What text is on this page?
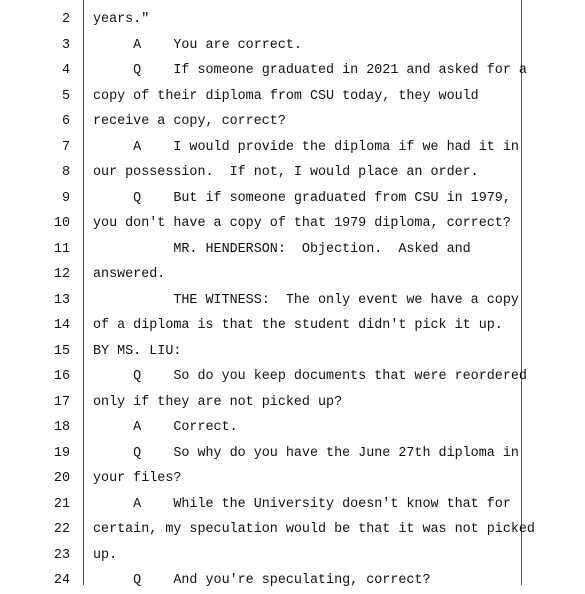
2 years."
3 A    You are correct.
4 Q    If someone graduated in 2021 and asked for a
5 copy of their diploma from CSU today, they would
6 receive a copy, correct?
7 A    I would provide the diploma if we had it in
8 our possession.  If not, I would place an order.
9 Q    But if someone graduated from CSU in 1979,
10 you don't have a copy of that 1979 diploma, correct?
11 MR. HENDERSON:  Objection.  Asked and
12 answered.
13 THE WITNESS:  The only event we have a copy
14 of a diploma is that the student didn't pick it up.
15 BY MS. LIU:
16 Q    So do you keep documents that were reordered
17 only if they are not picked up?
18 A    Correct.
19 Q    So why do you have the June 27th diploma in
20 your files?
21 A    While the University doesn't know that for
22 certain, my speculation would be that it was not picked
23 up.
24 Q    And you're speculating, correct?
